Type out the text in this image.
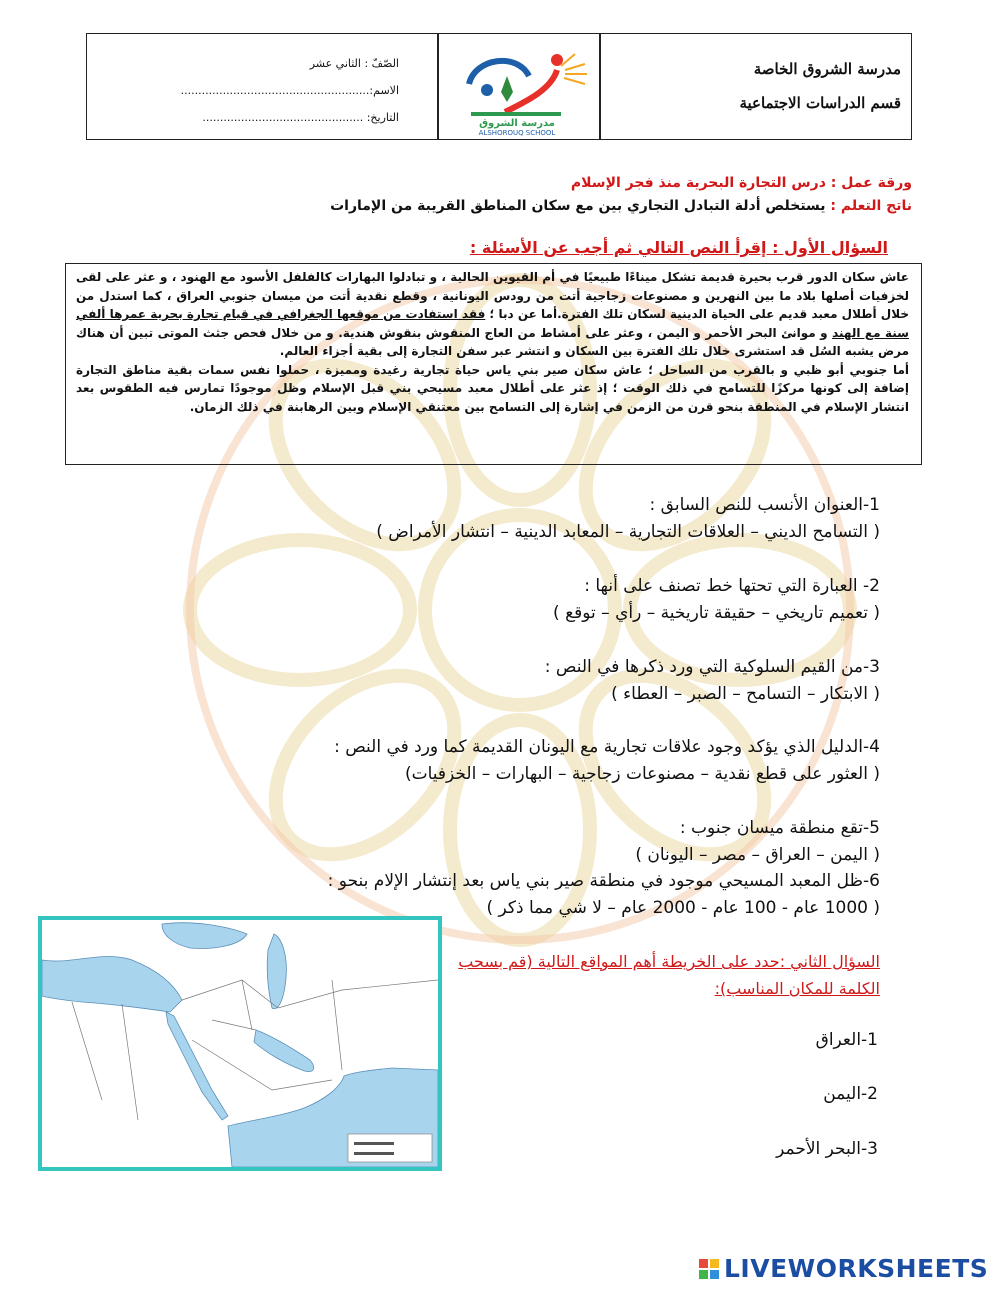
الصّفّ : الثاني عشر
الاسم:......................................................
التاريخ: ..............................................	مدرسة الشروق
ALSHOROUQ SCHOOL
مدرسة الشروق الخاصة
قسم الدراسات الاجتماعية
ورقة عمل : درس التجارة البحرية منذ فجر الإسلام
ناتج التعلم : يستخلص أدلة التبادل التجاري بين مع سكان المناطق القريبة من الإمارات
السؤال الأول : إقرأ النص التالي ثم أجب عن الأسئلة :
عاش سكان الدور قرب بحيرة قديمة تشكل ميناءًا طبيعيًا في أم القيوين الحالية ، و تبادلوا البهارات كالفلفل الأسود مع الهنود ، و عثر على لقى لخزفيات أصلها بلاد ما بين النهرين و مصنوعات زجاجية أتت من رودس اليونانية ، وقطع نقدية أتت من ميسان جنوبي العراق ، كما استدل من خلال أطلال معبد قديم على الحياة الدينية لسكان تلك الفترة.أما عن دبا ؛ فقد استفادت من موقعها الجغرافي في قيام تجارة بحرية عمرها ألفي سنة مع الهند و موانئ البحر الأحمر و اليمن ، وعثر على أمشاط من العاج المنقوش بنقوش هندية. و من خلال فحص جثث الموتى تبين أن هناك مرض يشبه السُل قد استشرى خلال تلك الفترة بين السكان و انتشر عبر سفن التجارة إلى بقية أجزاء العالم.
أما جنوبي أبو ظبي و بالقرب من الساحل ؛ عاش سكان صير بني ياس حياة تجارية رغيدة ومميزة ، حملوا نفس سمات بقية مناطق التجارة إضافة إلى كونها مركزًا للتسامح في ذلك الوقت ؛ إذ عثر على أطلال معبد مسيحي بني قبل الإسلام وظل موجودًا تمارس فيه الطقوس بعد انتشار الإسلام في المنطقة بنحو قرن من الزمن في إشارة إلى التسامح بين معتنقي الإسلام وبين الرهابنة في ذلك الزمان.
1-العنوان الأنسب للنص السابق :
( التسامح الديني – العلاقات التجارية – المعابد الدينية – انتشار الأمراض )
2- العبارة التي تحتها خط تصنف على أنها :
( تعميم تاريخي – حقيقة تاريخية – رأي – توقع )
3-من القيم السلوكية التي ورد ذكرها في النص :
( الابتكار – التسامح – الصبر – العطاء )
4-الدليل الذي يؤكد وجود علاقات تجارية مع اليونان القديمة كما ورد في النص :
( العثور على قطع نقدية – مصنوعات زجاجية – البهارات – الخزفيات)
5-تقع منطقة ميسان جنوب :
( اليمن – العراق – مصر – اليونان )
6-ظل المعبد المسيحي موجود في منطقة صير بني ياس بعد إنتشار الإلام بنحو :
( 1000 عام - 100 عام - 2000 عام – لا شي مما ذكر )
السؤال الثاني :حدد على الخريطة أهم المواقع التالية (قم بسحب الكلمة للمكان المناسب):
1-العراق
2-اليمن
3-البحر الأحمر
LIVEWORKSHEETS
